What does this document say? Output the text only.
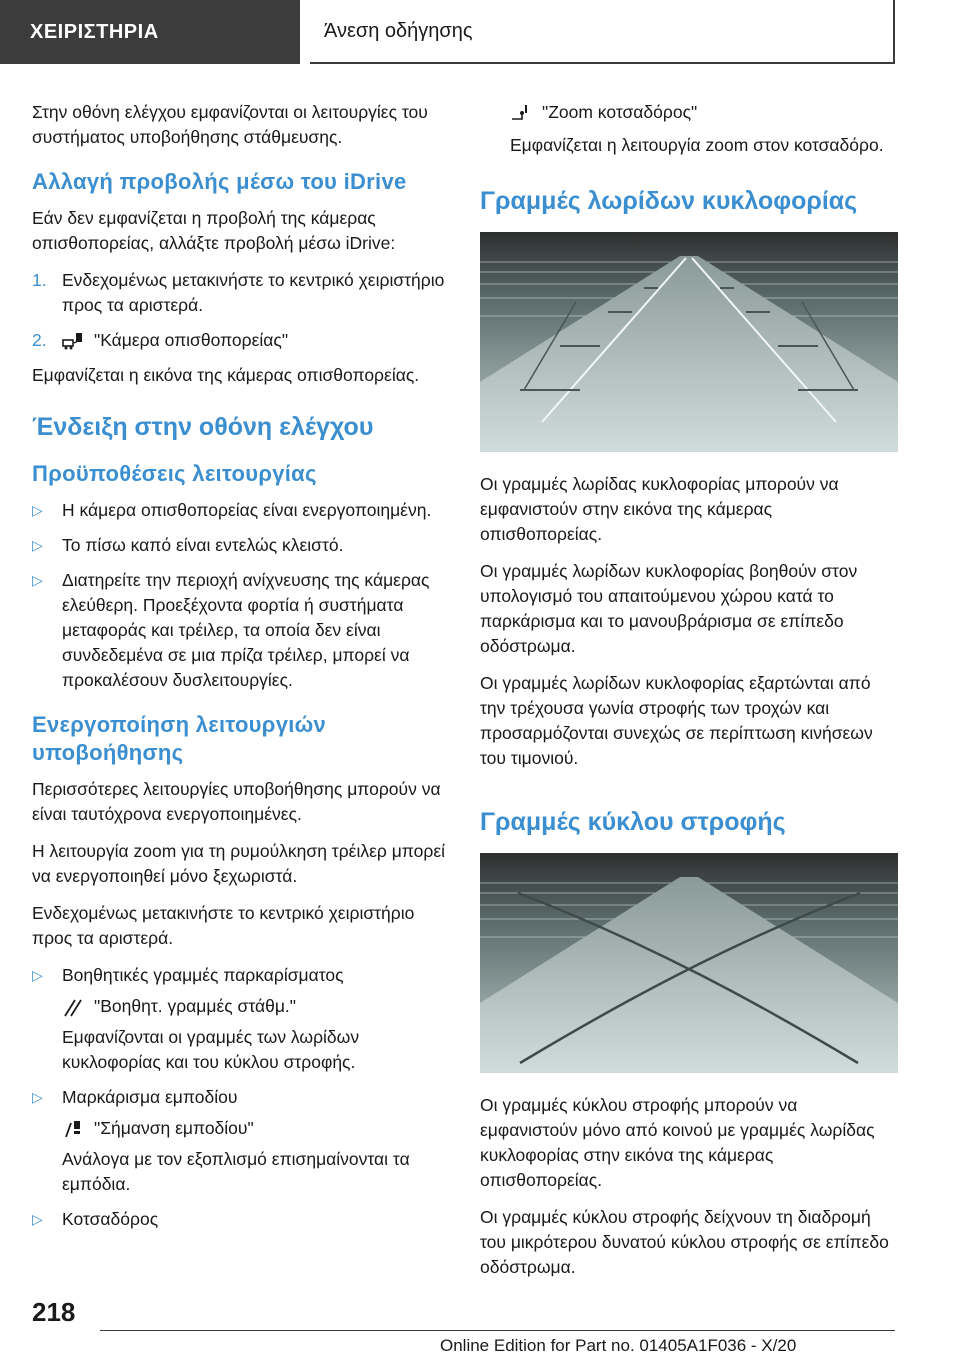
ΧΕΙΡΙΣΤΗΡΙΑ	Άνεση οδήγησης

Στην οθόνη ελέγχου εμφανίζονται οι λειτουργίες του συστήματος υποβοήθησης στάθμευσης.

Αλλαγή προβολής μέσω του iDrive

Εάν δεν εμφανίζεται η προβολή της κάμερας οπισθοπορείας, αλλάξτε προβολή μέσω iDrive:

1. Ενδεχομένως μετακινήστε το κεντρικό χειριστήριο προς τα αριστερά.
2.	"Κάμερα οπισθοπορείας"

Εμφανίζεται η εικόνα της κάμερας οπισθοπορείας.

Ένδειξη στην οθόνη ελέγχου
Προϋποθέσεις λειτουργίας
▷	Η κάμερα οπισθοπορείας είναι ενεργοποιημένη.
▷	Το πίσω καπό είναι εντελώς κλειστό.
▷	Διατηρείτε την περιοχή ανίχνευσης της κάμερας ελεύθερη. Προεξέχοντα φορτία ή συστήματα μεταφοράς και τρέιλερ, τα οποία δεν είναι συνδεδεμένα σε μια πρίζα τρέιλερ, μπορεί να προκαλέσουν δυσλειτουργίες.
Ενεργοποίηση λειτουργιών υποβοήθησης

Περισσότερες λειτουργίες υποβοήθησης μπορούν να είναι ταυτόχρονα ενεργοποιημένες.

Η λειτουργία zoom για τη ρυμούλκηση τρέιλερ μπορεί να ενεργοποιηθεί μόνο ξεχωριστά.

Ενδεχομένως μετακινήστε το κεντρικό χειριστήριο προς τα αριστερά.

▷	Βοηθητικές γραμμές παρκαρίσματος
"Βοηθητ. γραμμές στάθμ."
Εμφανίζονται οι γραμμές των λωρίδων κυκλοφορίας και του κύκλου στροφής.
▷	Μαρκάρισμα εμποδίου
"Σήμανση εμποδίου"
Ανάλογα με τον εξοπλισμό επισημαίνονται τα εμπόδια.
▷	Κοτσαδόρος
"Zoom κοτσαδόρος"

Εμφανίζεται η λειτουργία zoom στον κοτσαδόρο.

Γραμμές λωρίδων κυκλοφορίας

Οι γραμμές λωρίδας κυκλοφορίας μπορούν να εμφανιστούν στην εικόνα της κάμερας οπισθοπορείας.

Οι γραμμές λωρίδων κυκλοφορίας βοηθούν στον υπολογισμό του απαιτούμενου χώρου κατά το παρκάρισμα και το μανουβράρισμα σε επίπεδο οδόστρωμα.

Οι γραμμές λωρίδων κυκλοφορίας εξαρτώνται από την τρέχουσα γωνία στροφής των τροχών και προσαρμόζονται συνεχώς σε περίπτωση κινήσεων του τιμονιού.

Γραμμές κύκλου στροφής

Οι γραμμές κύκλου στροφής μπορούν να εμφανιστούν μόνο από κοινού με γραμμές λωρίδας κυκλοφορίας στην εικόνα της κάμερας οπισθοπορείας.

Οι γραμμές κύκλου στροφής δείχνουν τη διαδρομή του μικρότερου δυνατού κύκλου στροφής σε επίπεδο οδόστρωμα.

218
Online Edition for Part no. 01405A1F036 - X/20
